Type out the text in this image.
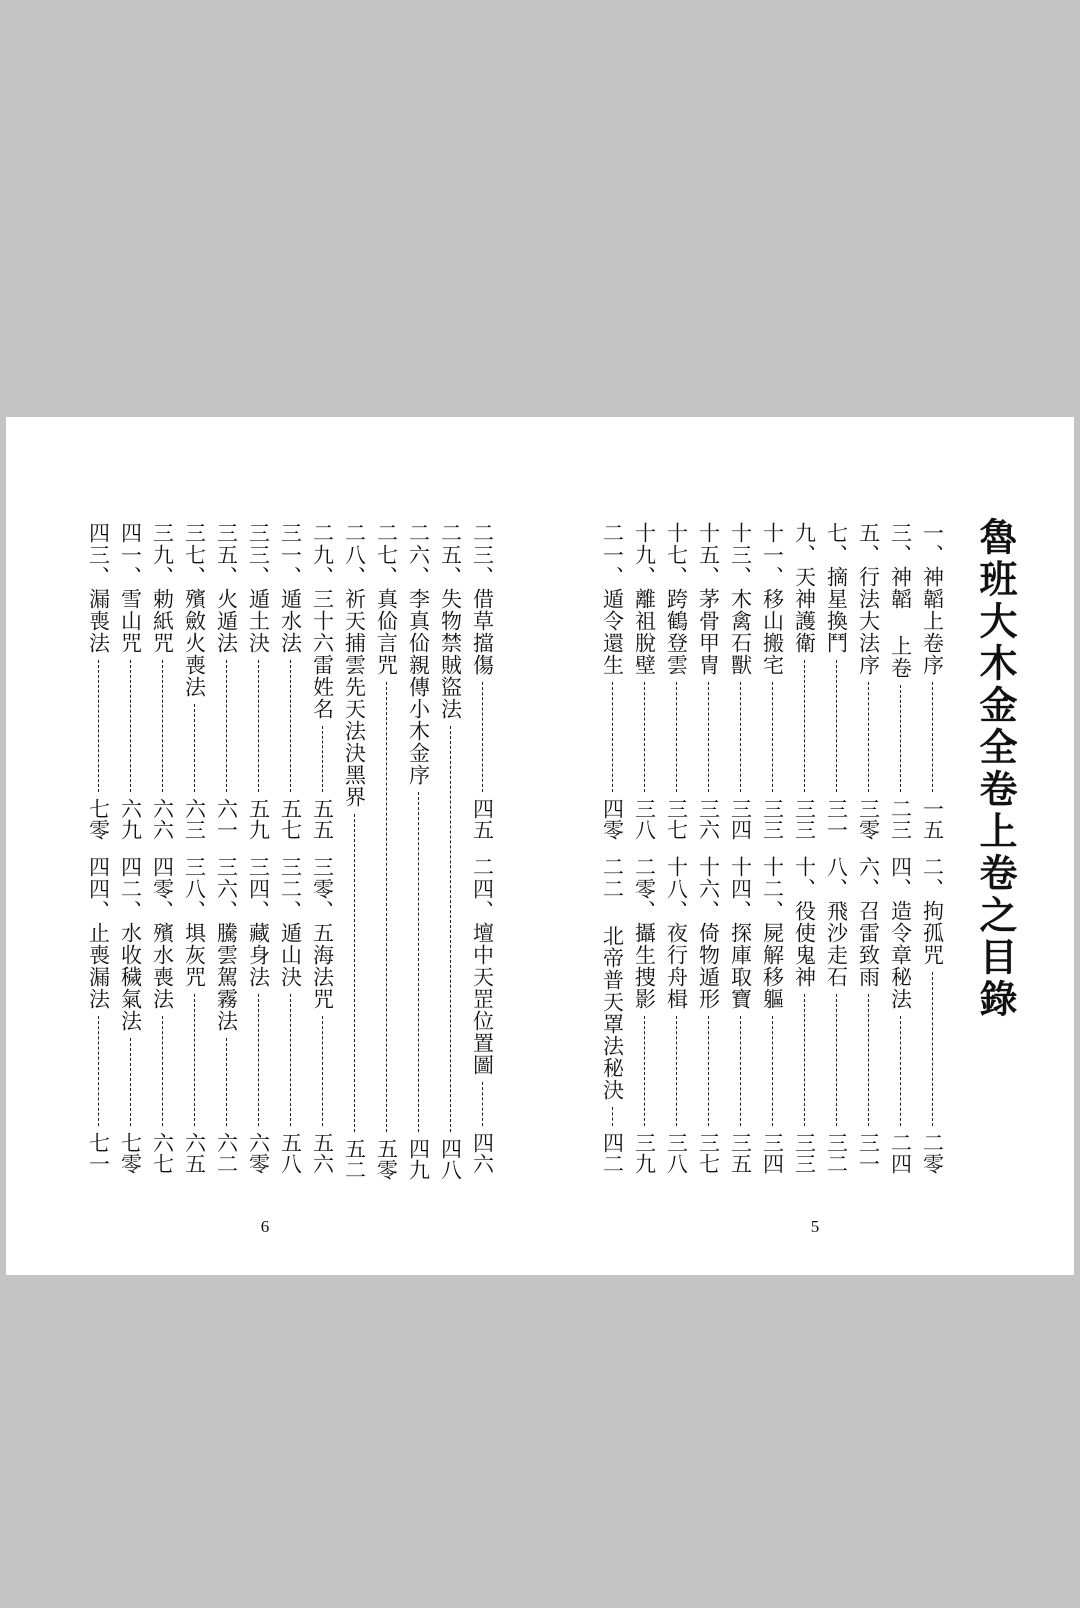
二三、借草擋傷
四五
二四、壇中天罡位置圖
四六
二五、失物禁賊盜法
四八
二六、李真佡親傳小木金序
四九
二七、真佡言咒
五零
二八、祈天捕雲先天法決黑界
五二
二九、三十六雷姓名
五五
三零、五海法咒
五六
三一、遁水法
五七
三二、遁山決
五八
三三、遁土決
五九
三四、藏身法
六零
三五、火遁法
六一
三六、騰雲駕霧法
六二
三七、殯斂火喪法
六三
三八、埧灰咒
六五
三九、勅紙咒
六六
四零、殯水喪法
六七
四一、雪山咒
六九
四二、水收穢氣法
七零
四三、漏喪法
七零
四四、止喪漏法
七一
6
魯班大木金全卷上卷之目錄
一、神韜上卷序
一五
二、拘孤咒
二零
三、神韜 上卷
二三
四、造令章秘法
二四
五、行法大法序
三零
六、召雷致雨
三一
七、摘星換鬥
三一
八、飛沙走石
三二
九、天神護衛
三三
十、役使鬼神
三三
十一、移山搬宅
三三
十二、屍解移軀
三四
十三、木禽石獸
三四
十四、探庫取寶
三五
十五、茅骨甲冑
三六
十六、倚物遁形
三七
十七、跨鶴登雲
三七
十八、夜行舟楫
三八
十九、離祖脫壁
三八
二零、攝生捜影
三九
二一、遁令還生
四零
二二 北帝普天罩法秘決
四二
5
